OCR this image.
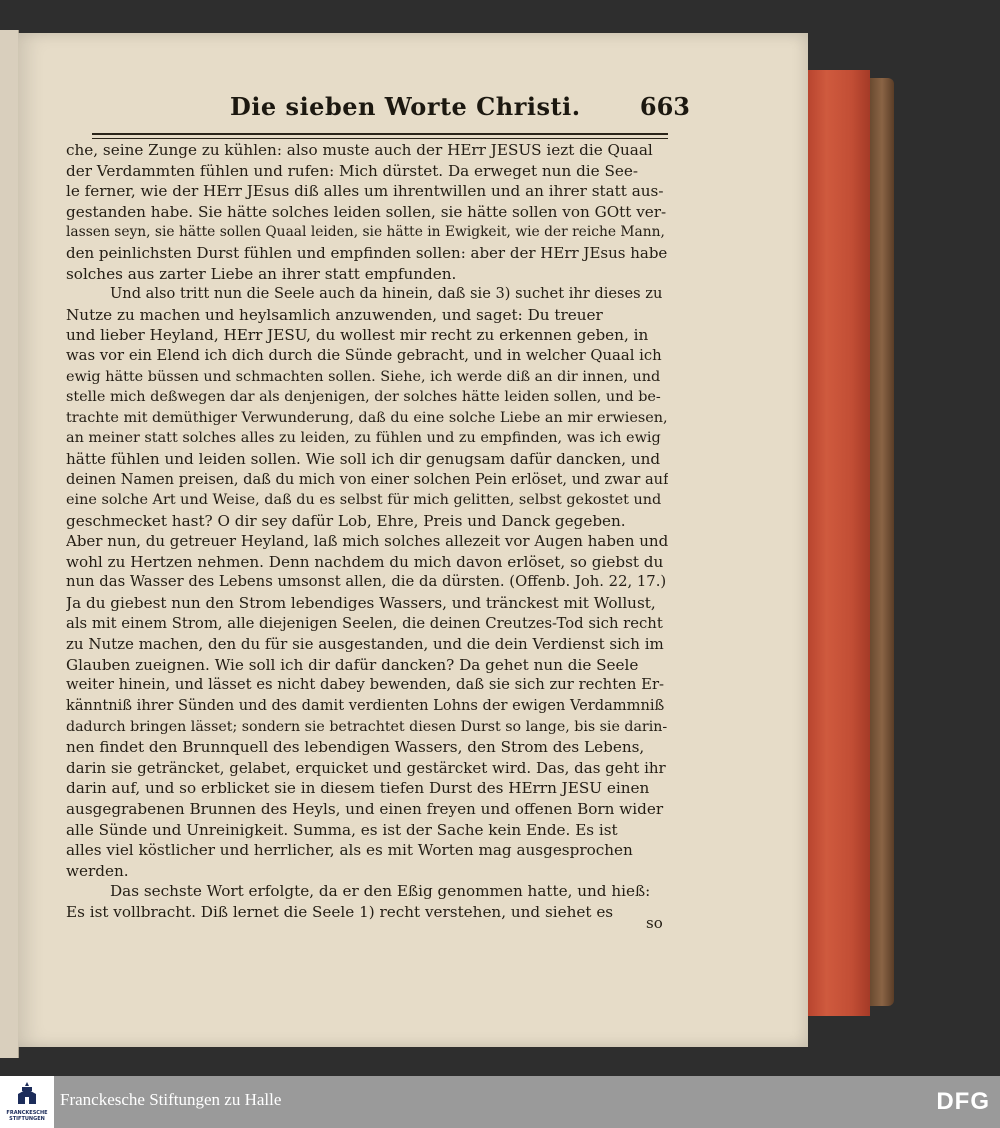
Die sieben Worte Christi. 663
che, seine Zunge zu kühlen: also muste auch der HErr JESUS iezt die Quaal
der Verdammten fühlen und rufen: Mich dürstet. Da erweget nun die See-
le ferner, wie der HErr JEsus diß alles um ihrentwillen und an ihrer statt aus-
gestanden habe. Sie hätte solches leiden sollen, sie hätte sollen von GOtt ver-
lassen seyn, sie hätte sollen Quaal leiden, sie hätte in Ewigkeit, wie der reiche Mann,
den peinlichsten Durst fühlen und empfinden sollen: aber der HErr JEsus habe
solches aus zarter Liebe an ihrer statt empfunden.
Und also tritt nun die Seele auch da hinein, daß sie 3) suchet ihr dieses zu
Nutze zu machen und heylsamlich anzuwenden, und saget: Du treuer
und lieber Heyland, HErr JESU, du wollest mir recht zu erkennen geben, in
was vor ein Elend ich dich durch die Sünde gebracht, und in welcher Quaal ich
ewig hätte büssen und schmachten sollen. Siehe, ich werde diß an dir innen, und
stelle mich deßwegen dar als denjenigen, der solches hätte leiden sollen, und be-
trachte mit demüthiger Verwunderung, daß du eine solche Liebe an mir erwiesen,
an meiner statt solches alles zu leiden, zu fühlen und zu empfinden, was ich ewig
hätte fühlen und leiden sollen. Wie soll ich dir genugsam dafür dancken, und
deinen Namen preisen, daß du mich von einer solchen Pein erlöset, und zwar auf
eine solche Art und Weise, daß du es selbst für mich gelitten, selbst gekostet und
geschmecket hast? O dir sey dafür Lob, Ehre, Preis und Danck gegeben.
Aber nun, du getreuer Heyland, laß mich solches allezeit vor Augen haben und
wohl zu Hertzen nehmen. Denn nachdem du mich davon erlöset, so giebst du
nun das Wasser des Lebens umsonst allen, die da dürsten. (Offenb. Joh. 22, 17.)
Ja du giebest nun den Strom lebendiges Wassers, und tränckest mit Wollust,
als mit einem Strom, alle diejenigen Seelen, die deinen Creutzes-Tod sich recht
zu Nutze machen, den du für sie ausgestanden, und die dein Verdienst sich im
Glauben zueignen. Wie soll ich dir dafür dancken? Da gehet nun die Seele
weiter hinein, und lässet es nicht dabey bewenden, daß sie sich zur rechten Er-
känntniß ihrer Sünden und des damit verdienten Lohns der ewigen Verdammniß
dadurch bringen lässet; sondern sie betrachtet diesen Durst so lange, bis sie darin-
nen findet den Brunnquell des lebendigen Wassers, den Strom des Lebens,
darin sie geträncket, gelabet, erquicket und gestärcket wird. Das, das geht ihr
darin auf, und so erblicket sie in diesem tiefen Durst des HErrn JESU einen
ausgegrabenen Brunnen des Heyls, und einen freyen und offenen Born wider
alle Sünde und Unreinigkeit. Summa, es ist der Sache kein Ende. Es ist
alles viel köstlicher und herrlicher, als es mit Worten mag ausgesprochen
werden.
Das sechste Wort erfolgte, da er den Eßig genommen hatte, und hieß:
Es ist vollbracht. Diß lernet die Seele 1) recht verstehen, und siehet es
so
FRANCKESCHE STIFTUNGEN
Franckesche Stiftungen zu Halle	DFG
